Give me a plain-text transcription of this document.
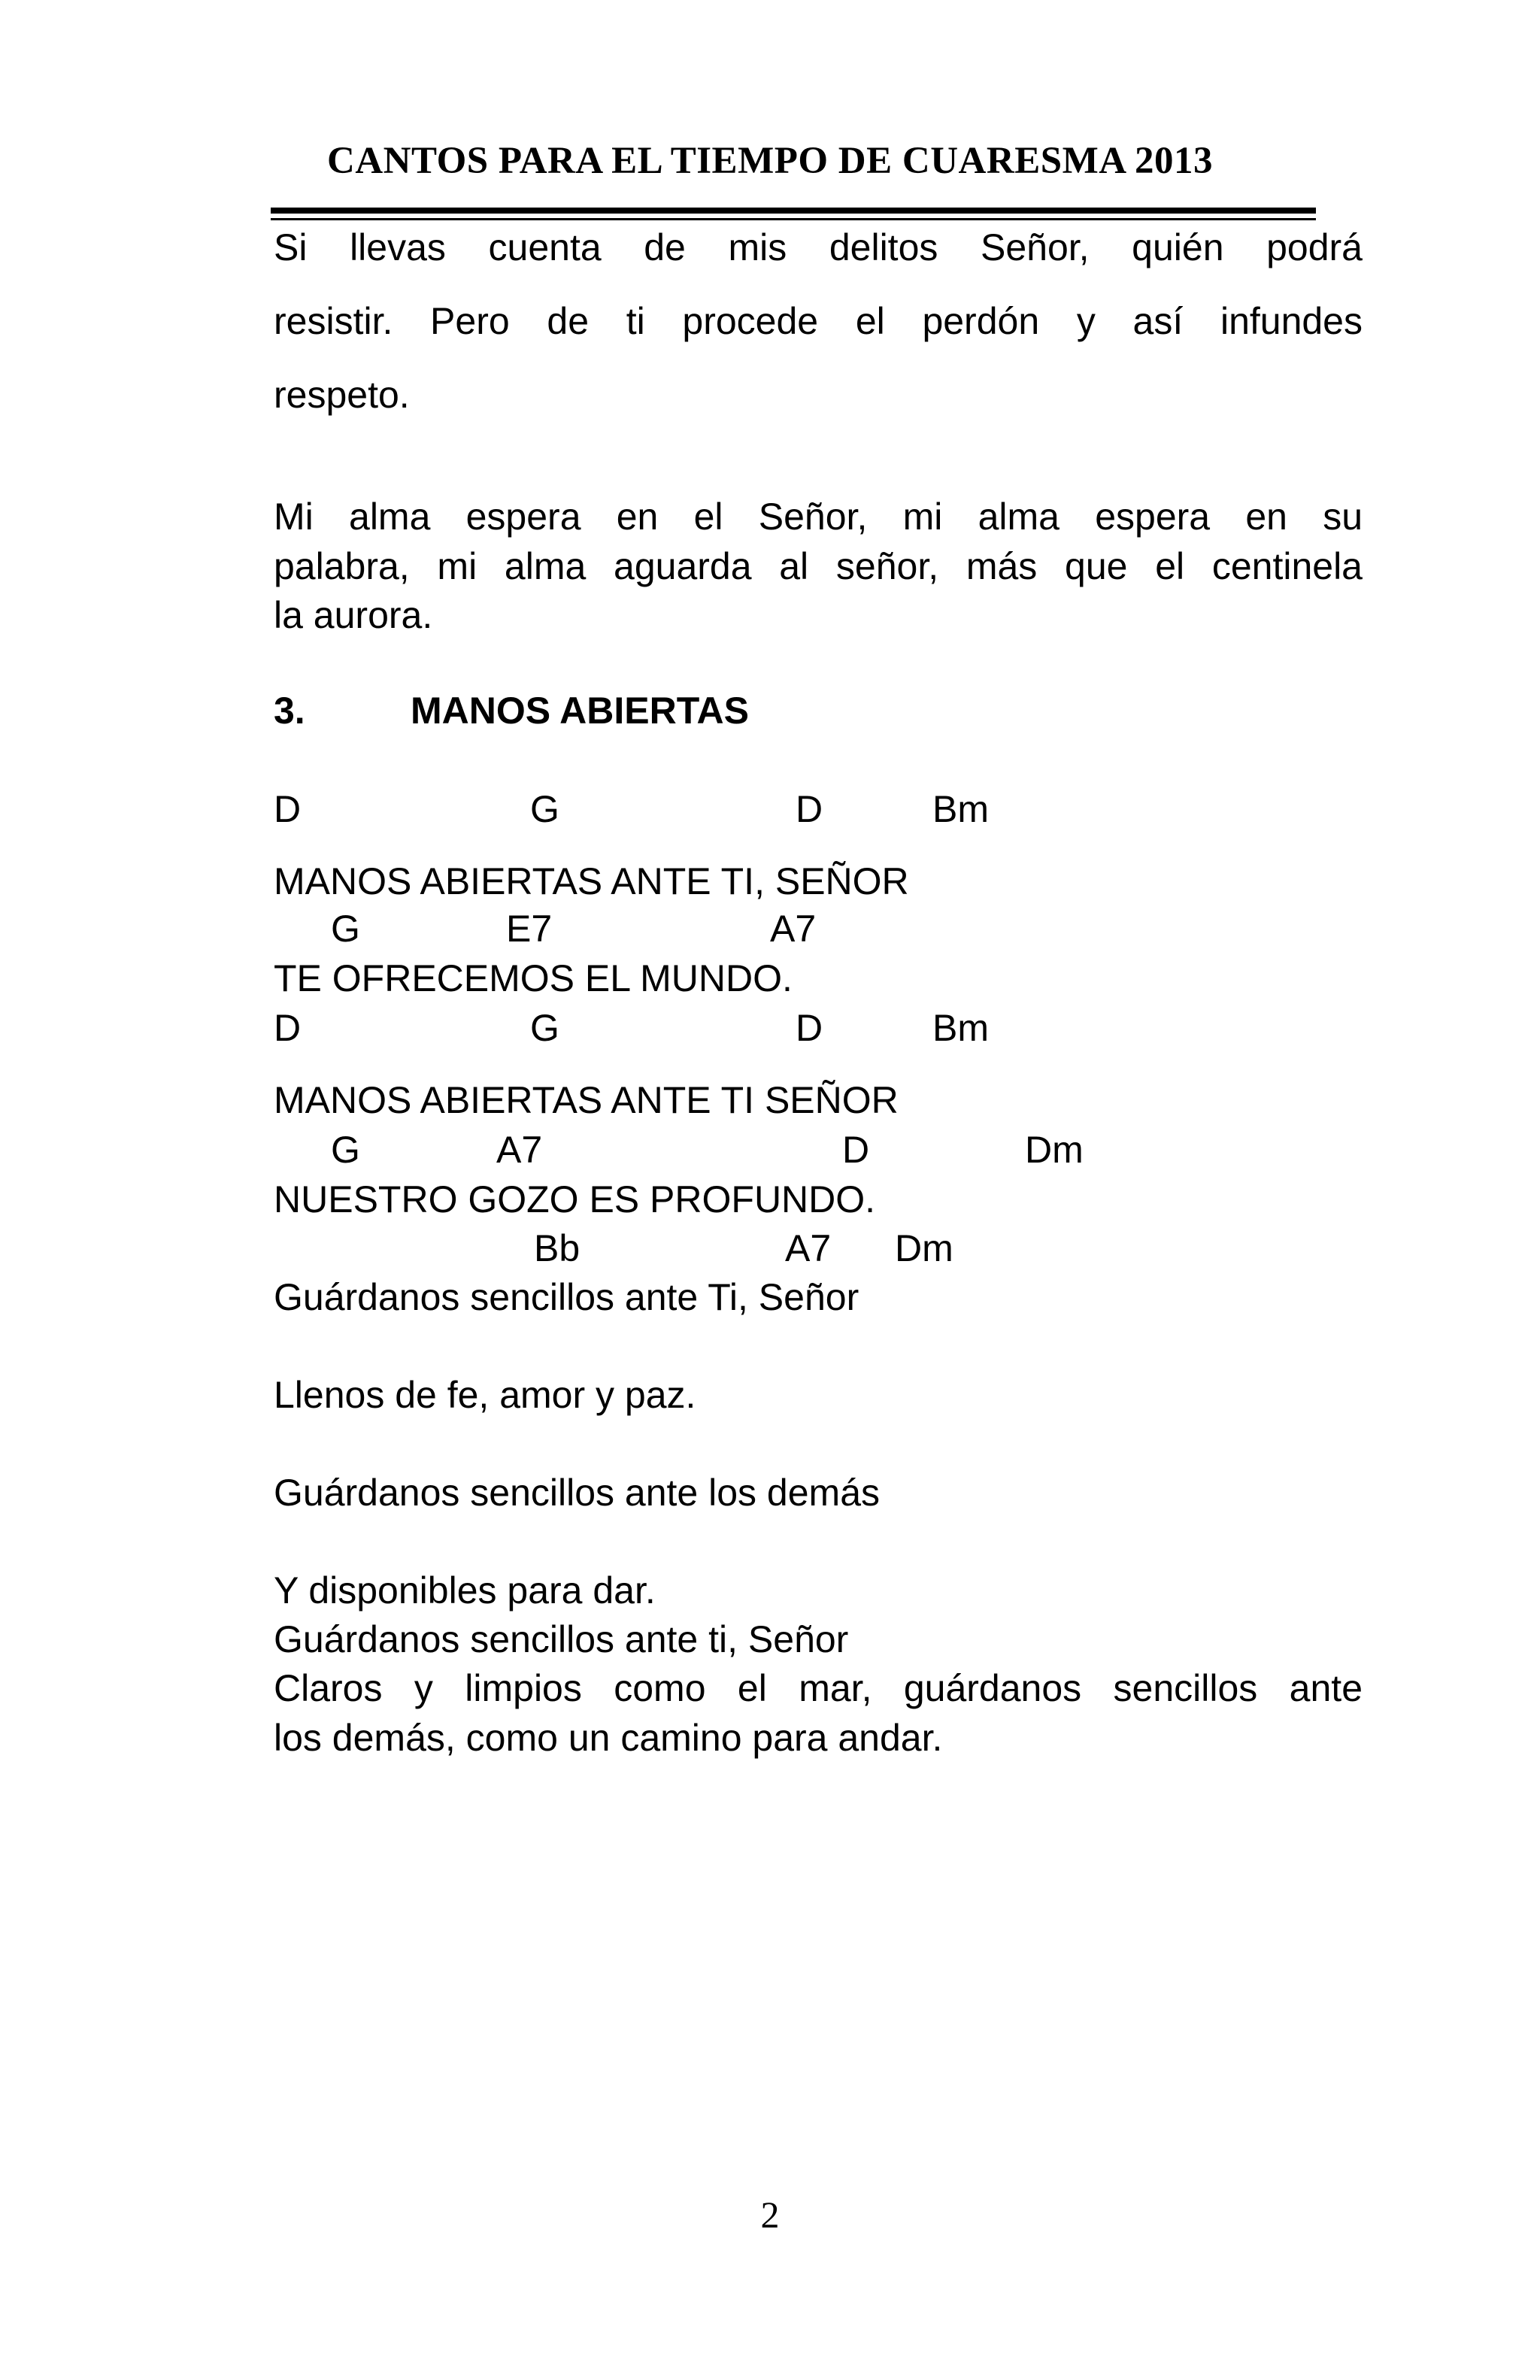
CANTOS PARA EL TIEMPO DE CUARESMA 2013
Si llevas cuenta de mis delitos Señor, quién podrá
resistir. Pero de ti procede el perdón y así infundes
respeto.
Mi alma espera en el Señor, mi alma espera en su
palabra, mi alma aguarda al señor, más que el centinela
la aurora.
3.	MANOS ABIERTAS
D	G	D	Bm
MANOS ABIERTAS ANTE TI, SEÑOR
G	E7	A7
TE OFRECEMOS EL MUNDO.
D	G	D	Bm
MANOS ABIERTAS ANTE TI SEÑOR
G	A7	D	Dm
NUESTRO GOZO ES PROFUNDO.
Bb	A7 Dm
Guárdanos sencillos ante Ti, Señor
Llenos de fe, amor y paz.
Guárdanos sencillos ante los demás
Y disponibles para dar.
Guárdanos sencillos ante ti, Señor
Claros y limpios como el mar, guárdanos sencillos ante
los demás, como un camino para andar.
2
